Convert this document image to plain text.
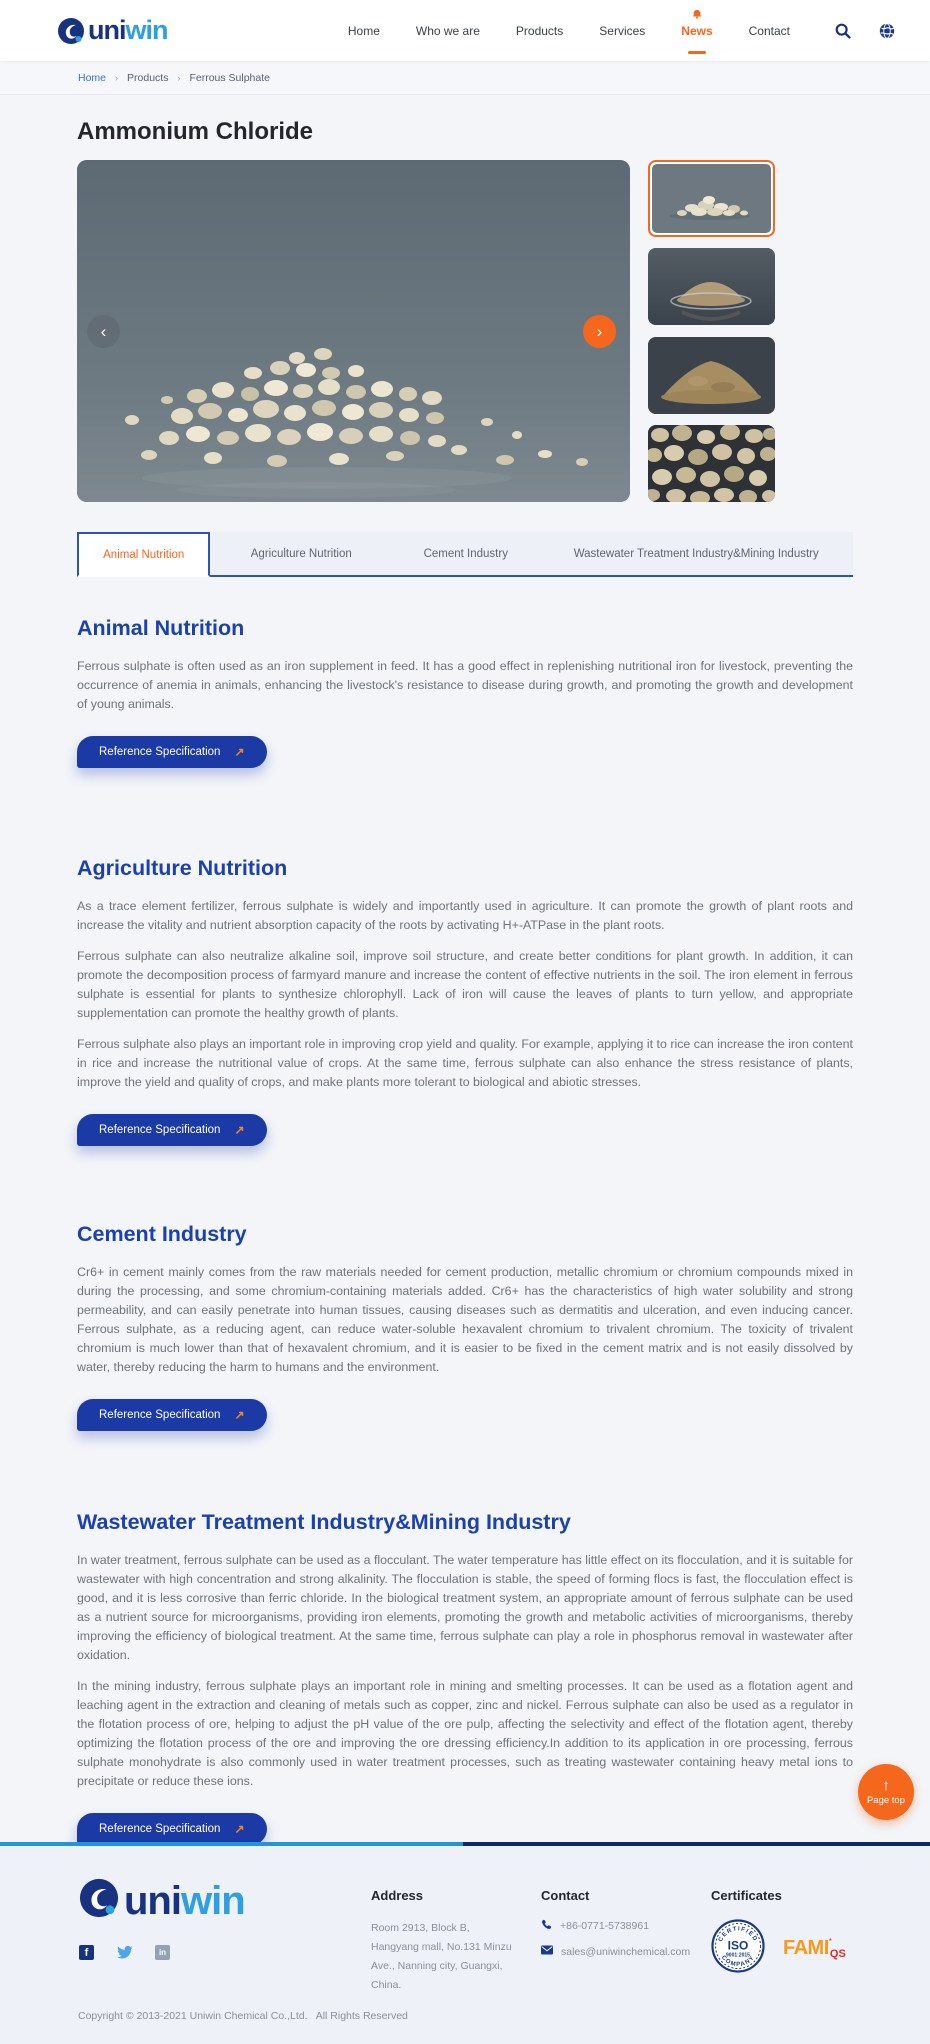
uniwin	Home	Who we are	Products	Services	News	Contact
Home › Products › Ferrous Sulphate
Ammonium Chloride
‹	›
Animal Nutrition	Agriculture Nutrition	Cement Industry	Wastewater Treatment Industry&Mining Industry
Animal Nutrition

Ferrous sulphate is often used as an iron supplement in feed. It has a good effect in replenishing nutritional iron for livestock, preventing the occurrence of anemia in animals, enhancing the livestock's resistance to disease during growth, and promoting the growth and development of young animals.

Reference Specification ↗
Agriculture Nutrition

As a trace element fertilizer, ferrous sulphate is widely and importantly used in agriculture. It can promote the growth of plant roots and increase the vitality and nutrient absorption capacity of the roots by activating H+-ATPase in the plant roots.

Ferrous sulphate can also neutralize alkaline soil, improve soil structure, and create better conditions for plant growth. In addition, it can promote the decomposition process of farmyard manure and increase the content of effective nutrients in the soil. The iron element in ferrous sulphate is essential for plants to synthesize chlorophyll. Lack of iron will cause the leaves of plants to turn yellow, and appropriate supplementation can promote the healthy growth of plants.

Ferrous sulphate also plays an important role in improving crop yield and quality. For example, applying it to rice can increase the iron content in rice and increase the nutritional value of crops. At the same time, ferrous sulphate can also enhance the stress resistance of plants, improve the yield and quality of crops, and make plants more tolerant to biological and abiotic stresses.

Reference Specification ↗
Cement Industry

Cr6+ in cement mainly comes from the raw materials needed for cement production, metallic chromium or chromium compounds mixed in during the processing, and some chromium-containing materials added. Cr6+ has the characteristics of high water solubility and strong permeability, and can easily penetrate into human tissues, causing diseases such as dermatitis and ulceration, and even inducing cancer. Ferrous sulphate, as a reducing agent, can reduce water-soluble hexavalent chromium to trivalent chromium. The toxicity of trivalent chromium is much lower than that of hexavalent chromium, and it is easier to be fixed in the cement matrix and is not easily dissolved by water, thereby reducing the harm to humans and the environment.

Reference Specification ↗
Wastewater Treatment Industry&Mining Industry

In water treatment, ferrous sulphate can be used as a flocculant. The water temperature has little effect on its flocculation, and it is suitable for wastewater with high concentration and strong alkalinity. The flocculation is stable, the speed of forming flocs is fast, the flocculation effect is good, and it is less corrosive than ferric chloride. In the biological treatment system, an appropriate amount of ferrous sulphate can be used as a nutrient source for microorganisms, providing iron elements, promoting the growth and metabolic activities of microorganisms, thereby improving the efficiency of biological treatment. At the same time, ferrous sulphate can play a role in phosphorus removal in wastewater after oxidation.

In the mining industry, ferrous sulphate plays an important role in mining and smelting processes. It can be used as a flotation agent and leaching agent in the extraction and cleaning of metals such as copper, zinc and nickel. Ferrous sulphate can also be used as a regulator in the flotation process of ore, helping to adjust the pH value of the ore pulp, affecting the selectivity and effect of the flotation agent, thereby optimizing the flotation process of the ore and improving the ore dressing efficiency.In addition to its application in ore processing, ferrous sulphate monohydrate is also commonly used in water treatment processes, such as treating wastewater containing heavy metal ions to precipitate or reduce these ions.

Reference Specification ↗
↑
Page top
uniwin
f	in
Address
Room 2913, Block B,
Hangyang mall, No.131 Minzu
Ave., Nanning city, Guangxi,
China.
Contact
+86-0771-5738961
sales@uniwinchemical.com
Certificates
CERTIFIED
ISO
9001:2015
COMPANY
FAMI *
QS
Copyright © 2013-2021 Uniwin Chemical Co.,Ltd.   All Rights Reserved
